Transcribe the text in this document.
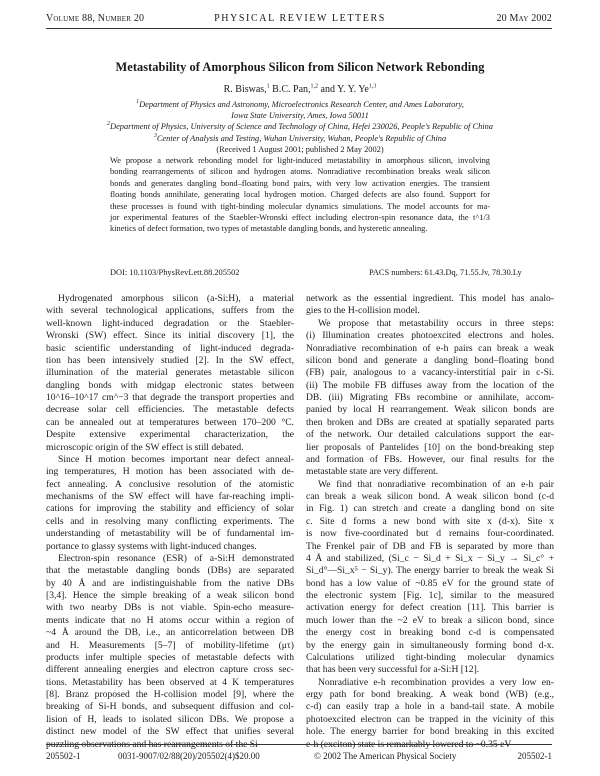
Volume 88, Number 20	PHYSICAL REVIEW LETTERS	20 May 2002
Metastability of Amorphous Silicon from Silicon Network Rebonding
R. Biswas,$^1$ B.C. Pan,$^{1,2}$ and Y. Y. Ye$^{1,3}$
$^1$Department of Physics and Astronomy, Microelectronics Research Center, and Ames Laboratory,
Iowa State University, Ames, Iowa 50011
$^2$Department of Physics, University of Science and Technology of China, Hefei 230026, People's Republic of China
$^3$Center of Analysis and Testing, Wuhan University, Wuhan, People's Republic of China
(Received 1 August 2001; published 2 May 2002)
We propose a network rebonding model for light-induced metastability in amorphous silicon, involving
bonding rearrangements of silicon and hydrogen atoms. Nonradiative recombination breaks weak silicon
bonds and generates dangling bond–floating bond pairs, with very low activation energies. The transient
floating bonds annihilate, generating local hydrogen motion. Charged defects are also found. Support for
these processes is found with tight-binding molecular dynamics simulations. The model accounts for ma-
jor experimental features of the Staebler-Wronski effect including electron-spin resonance data, the t^1/3
kinetics of defect formation, two types of metastable dangling bonds, and hysteretic annealing.
DOI: 10.1103/PhysRevLett.88.205502	PACS numbers: 61.43.Dq, 71.55.Jv, 78.30.Ly
Hydrogenated amorphous silicon (a-Si:H), a material
with several technological applications, suffers from the
well-known light-induced degradation or the Staebler-
Wronski (SW) effect. Since its initial discovery [1], the
basic scientific understanding of light-induced degrada-
tion has been intensively studied [2]. In the SW effect,
illumination of the material generates metastable silicon
dangling bonds with midgap electronic states between
10^16–10^17 cm^−3 that degrade the transport properties and
decrease solar cell efficiencies. The metastable defects
can be annealed out at temperatures between 170–200 °C.
Despite extensive experimental characterization, the
microscopic origin of the SW effect is still debated.
Since H motion becomes important near defect anneal-
ing temperatures, H motion has been associated with de-
fect annealing. A conclusive resolution of the atomistic
mechanisms of the SW effect will have far-reaching impli-
cations for improving the stability and efficiency of solar
cells and in resolving many conflicting experiments. The
understanding of metastability will be of fundamental im-
portance to glassy systems with light-induced changes.
Electron-spin resonance (ESR) of a-Si:H demonstrated
that the metastable dangling bonds (DBs) are separated
by 40 Å and are indistinguishable from the native DBs
[3,4]. Hence the simple breaking of a weak silicon bond
with two nearby DBs is not viable. Spin-echo measure-
ments indicate that no H atoms occur within a region of
~4 Å around the DB, i.e., an anticorrelation between DB
and H. Measurements [5–7] of mobility-lifetime (μτ)
products infer multiple species of metastable defects with
different annealing energies and electron capture cross sec-
tions. Metastability has been observed at 4 K temperatures
[8]. Branz proposed the H-collision model [9], where the
breaking of Si-H bonds, and subsequent diffusion and col-
lision of H, leads to isolated silicon DBs. We propose a
distinct new model of the SW effect that unifies several
puzzling observations and has rearrangements of the Si
network as the essential ingredient. This model has analo-
gies to the H-collision model.
We propose that metastability occurs in three steps:
(i) Illumination creates photoexcited electrons and holes.
Nonradiative recombination of e-h pairs can break a weak
silicon bond and generate a dangling bond–floating bond
(FB) pair, analogous to a vacancy-interstitial pair in c-Si.
(ii) The mobile FB diffuses away from the location of the
DB. (iii) Migrating FBs recombine or annihilate, accom-
panied by local H rearrangement. Weak silicon bonds are
then broken and DBs are created at spatially separated parts
of the network. Our detailed calculations support the ear-
lier proposals of Pantelides [10] on the bond-breaking step
and formation of FBs. However, our final results for the
metastable state are very different.
We find that nonradiative recombination of an e-h pair
can break a weak silicon bond. A weak silicon bond (c-d
in Fig. 1) can stretch and create a dangling bond on site
c. Site d forms a new bond with site x (d-x). Site x
is now five-coordinated but d remains four-coordinated.
The Frenkel pair of DB and FB is separated by more than
4 Å and stabilized, (Si_c − Si_d + Si_x − Si_y → Si_c° +
Si_d°—Si_x⁵ − Si_y). The energy barrier to break the weak Si
bond has a low value of ~0.85 eV for the ground state of
the electronic system [Fig. 1c], similar to the measured
activation energy for defect creation [11]. This barrier is
much lower than the ~2 eV to break a silicon bond, since
the energy cost in breaking bond c-d is compensated
by the energy gain in simultaneously forming bond d-x.
Calculations utilized tight-binding molecular dynamics
that has been very successful for a-Si:H [12].
Nonradiative e-h recombination provides a very low en-
ergy path for bond breaking. A weak bond (WB) (e.g.,
c-d) can easily trap a hole in a band-tail state. A mobile
photoexcited electron can be trapped in the vicinity of this
hole. The energy barrier for bond breaking in this excited
e-h (exciton) state is remarkably lowered to ~0.35 eV
205502-1	0031-9007/02/88(20)/205502(4)$20.00	© 2002 The American Physical Society	205502-1
